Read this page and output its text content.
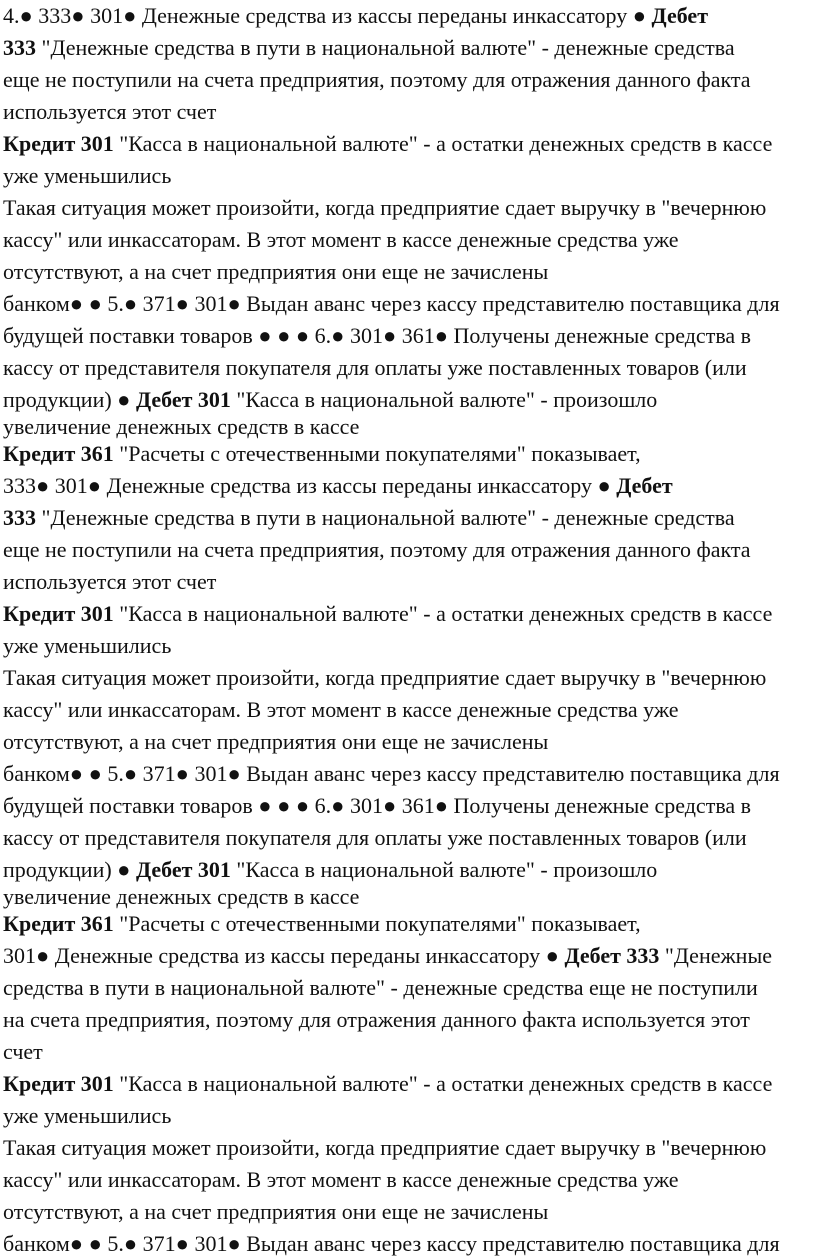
4.● 333● 301● Денежные средства из кассы переданы инкассатору ● Дебет
333 "Денежные средства в пути в национальной валюте" - денежные средства
еще не поступили на счета предприятия, поэтому для отражения данного факта
используется этот счет
Кредит 301 "Касса в национальной валюте" - а остатки денежных средств в кассе
уже уменьшились
Такая ситуация может произойти, когда предприятие сдает выручку в "вечернюю
кассу" или инкассаторам. В этот момент в кассе денежные средства уже
отсутствуют, а на счет предприятия они еще не зачислены
банком● ● 5.● 371● 301● Выдан аванс через кассу представителю поставщика для
будущей поставки товаров ● ● ● 6.● 301● 361● Получены денежные средства в
кассу от представителя покупателя для оплаты уже поставленных товаров (или
продукции) ● Дебет 301 "Касса в национальной валюте" - произошло
увеличение денежных средств в кассе
Кредит 361 "Расчеты с отечественными покупателями" показывает,
333● 301● Денежные средства из кассы переданы инкассатору ● Дебет
333 "Денежные средства в пути в национальной валюте" - денежные средства
еще не поступили на счета предприятия, поэтому для отражения данного факта
используется этот счет
Кредит 301 "Касса в национальной валюте" - а остатки денежных средств в кассе
уже уменьшились
Такая ситуация может произойти, когда предприятие сдает выручку в "вечернюю
кассу" или инкассаторам. В этот момент в кассе денежные средства уже
отсутствуют, а на счет предприятия они еще не зачислены
банком● ● 5.● 371● 301● Выдан аванс через кассу представителю поставщика для
будущей поставки товаров ● ● ● 6.● 301● 361● Получены денежные средства в
кассу от представителя покупателя для оплаты уже поставленных товаров (или
продукции) ● Дебет 301 "Касса в национальной валюте" - произошло
увеличение денежных средств в кассе
Кредит 361 "Расчеты с отечественными покупателями" показывает,
301● Денежные средства из кассы переданы инкассатору ● Дебет 333 "Денежные
средства в пути в национальной валюте" - денежные средства еще не поступили
на счета предприятия, поэтому для отражения данного факта используется этот
счет
Кредит 301 "Касса в национальной валюте" - а остатки денежных средств в кассе
уже уменьшились
Такая ситуация может произойти, когда предприятие сдает выручку в "вечернюю
кассу" или инкассаторам. В этот момент в кассе денежные средства уже
отсутствуют, а на счет предприятия они еще не зачислены
банком● ● 5.● 371● 301● Выдан аванс через кассу представителю поставщика для
